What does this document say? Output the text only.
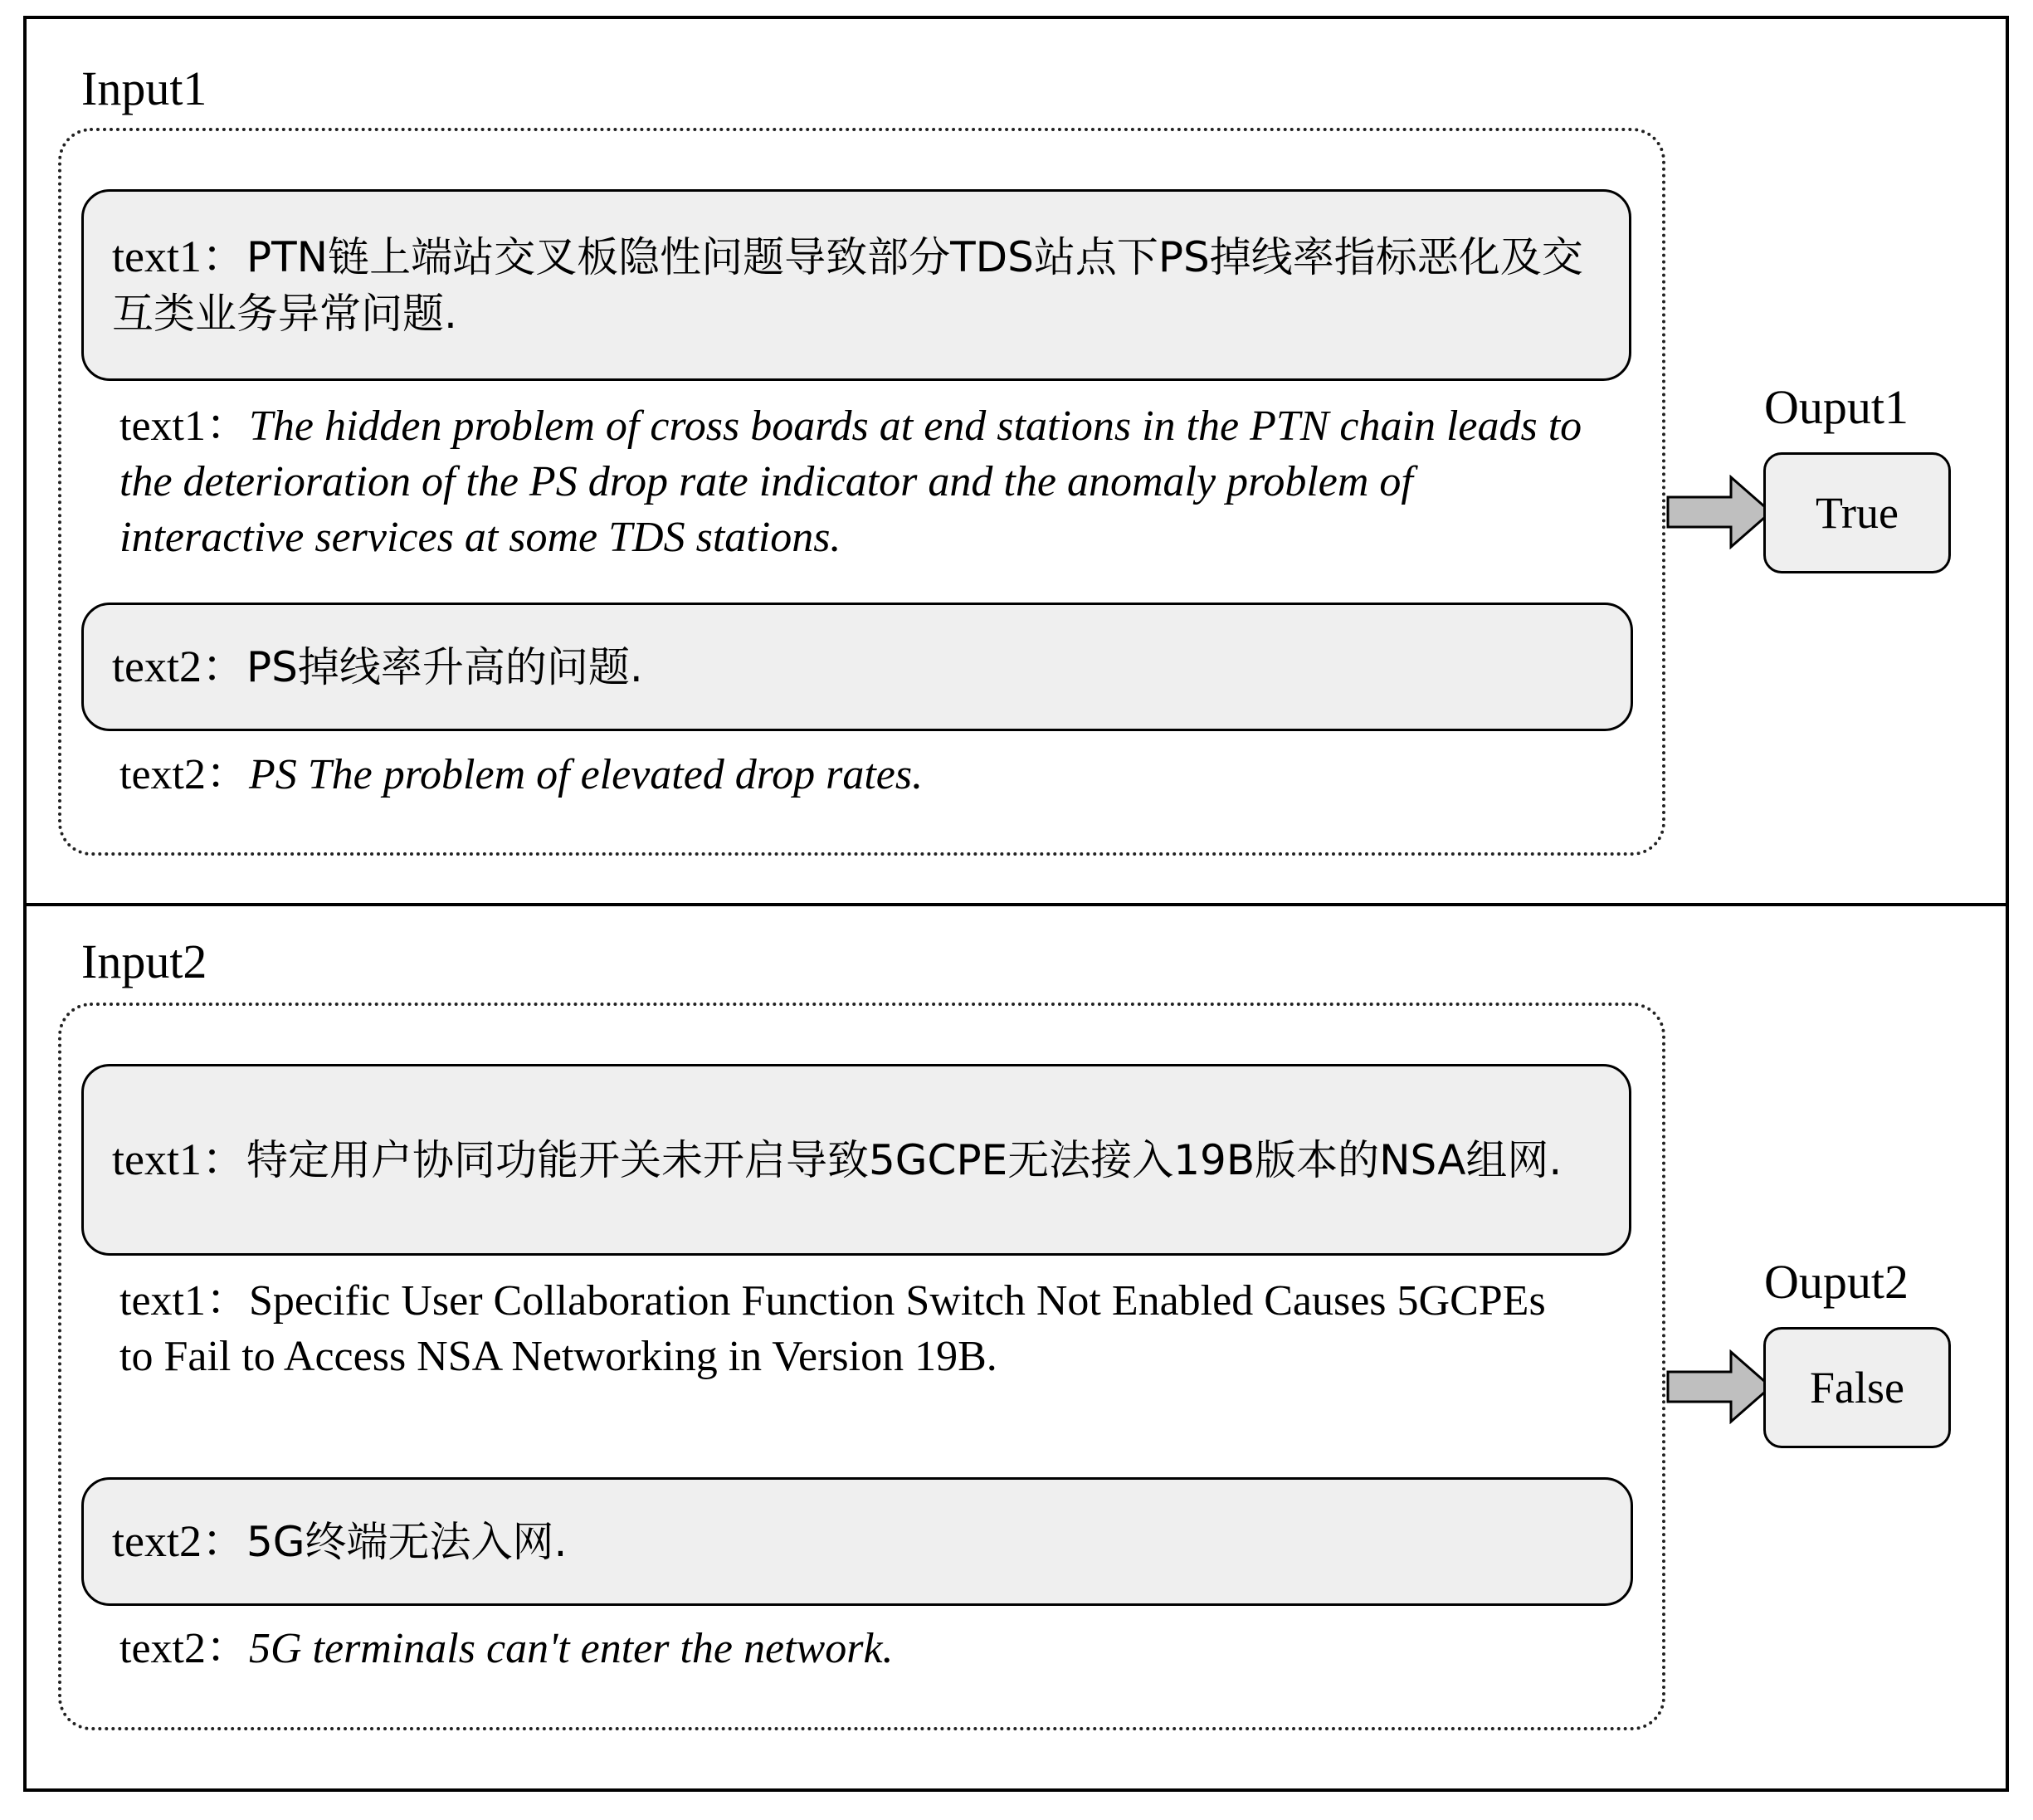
Input1
text1：PTN链上端站交叉板隐性问题导致部分TDS站点下PS掉线率指标恶化及交互类业务异常问题.
text1：The hidden problem of cross boards at end stations in the PTN chain leads to the deterioration of the PS drop rate indicator and the anomaly problem of interactive services at some TDS stations.
text2：PS掉线率升高的问题.
text2：PS The problem of elevated drop rates.
Ouput1
True
Input2
text1：特定用户协同功能开关未开启导致5GCPE无法接入19B版本的NSA组网.
text1：Specific User Collaboration Function Switch Not Enabled Causes 5GCPEs to Fail to Access NSA Networking in Version 19B.
text2：5G终端无法入网.
text2：5G terminals can't enter the network.
Ouput2
False
